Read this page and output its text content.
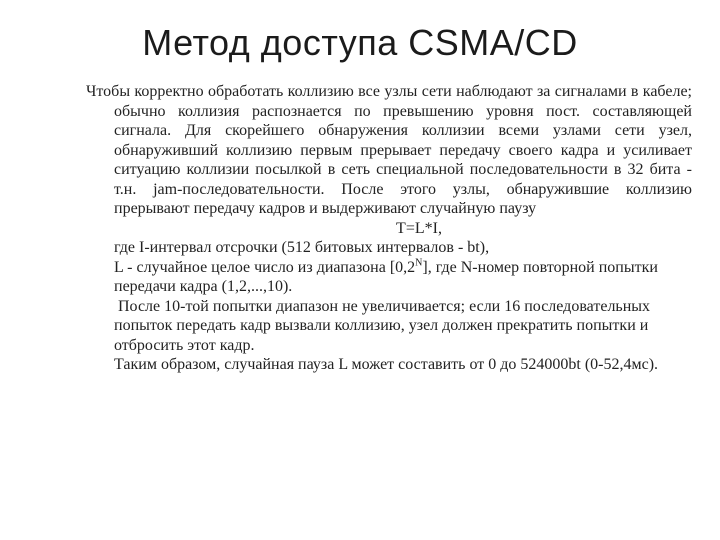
Метод доступа CSMA/CD

Чтобы корректно обработать коллизию все узлы сети наблюдают за сигналами в кабеле; обычно коллизия распознается по превышению уровня пост. составляющей сигнала. Для скорейшего обнаружения коллизии всеми узлами сети узел, обнаруживший коллизию первым прерывает передачу своего кадра и усиливает ситуацию коллизии посылкой в сеть специальной последовательности в 32 бита - т.н. jam-последовательности. После этого узлы, обнаружившие коллизию прерывают передачу кадров и выдерживают случайную паузу

T=L*I,

где I-интервал отсрочки (512 битовых интервалов - bt),

L - случайное целое число из диапазона $[0,2^N]$, где N-номер повторной попытки передачи кадра (1,2,...,10).

После 10-той попытки диапазон не увеличивается; если 16 последовательных попыток передать кадр вызвали коллизию, узел должен прекратить попытки и отбросить этот кадр.

Таким образом, случайная пауза L может составить от 0 до 524000bt (0-52,4мс).
